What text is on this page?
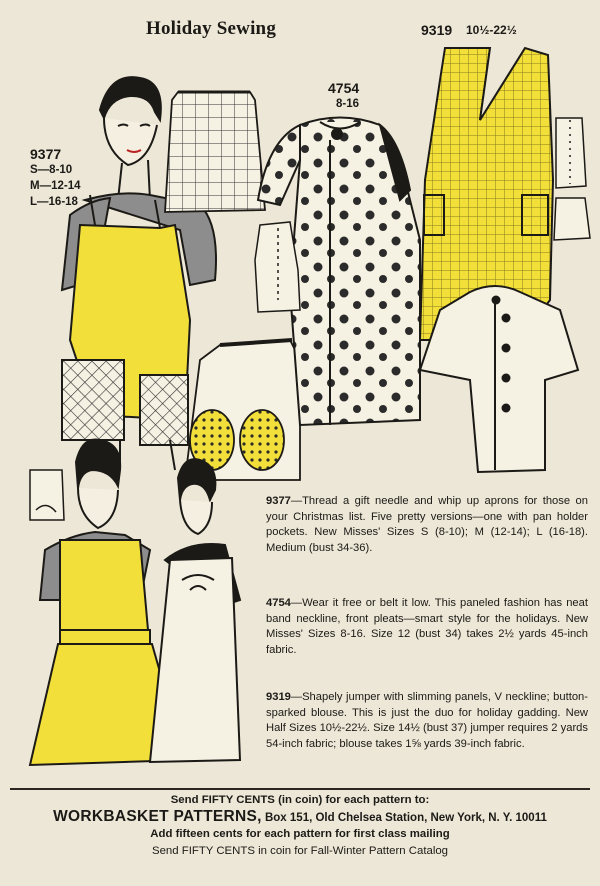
Holiday Sewing
9377
S—8-10
M—12-14
L—16-18
4754
8-16
9319 10½-22½
9377—Thread a gift needle and whip up aprons for those on your Christmas list. Five pretty versions—one with pan holder pockets. New Misses' Sizes S (8-10); M (12-14); L (16-18). Medium (bust 34-36).
4754—Wear it free or belt it low. This paneled fashion has neat band neckline, front pleats—smart style for the holidays. New Misses' Sizes 8-16. Size 12 (bust 34) takes 2½ yards 45-inch fabric.
9319—Shapely jumper with slimming panels, V neckline; button-sparked blouse. This is just the duo for holiday gadding. New Half Sizes 10½-22½. Size 14½ (bust 37) jumper requires 2 yards 54-inch fabric; blouse takes 1⅝ yards 39-inch fabric.
Send FIFTY CENTS (in coin) for each pattern to:
WORKBASKET PATTERNS, Box 151, Old Chelsea Station, New York, N. Y. 10011
Add fifteen cents for each pattern for first class mailing
Send FIFTY CENTS in coin for Fall-Winter Pattern Catalog
